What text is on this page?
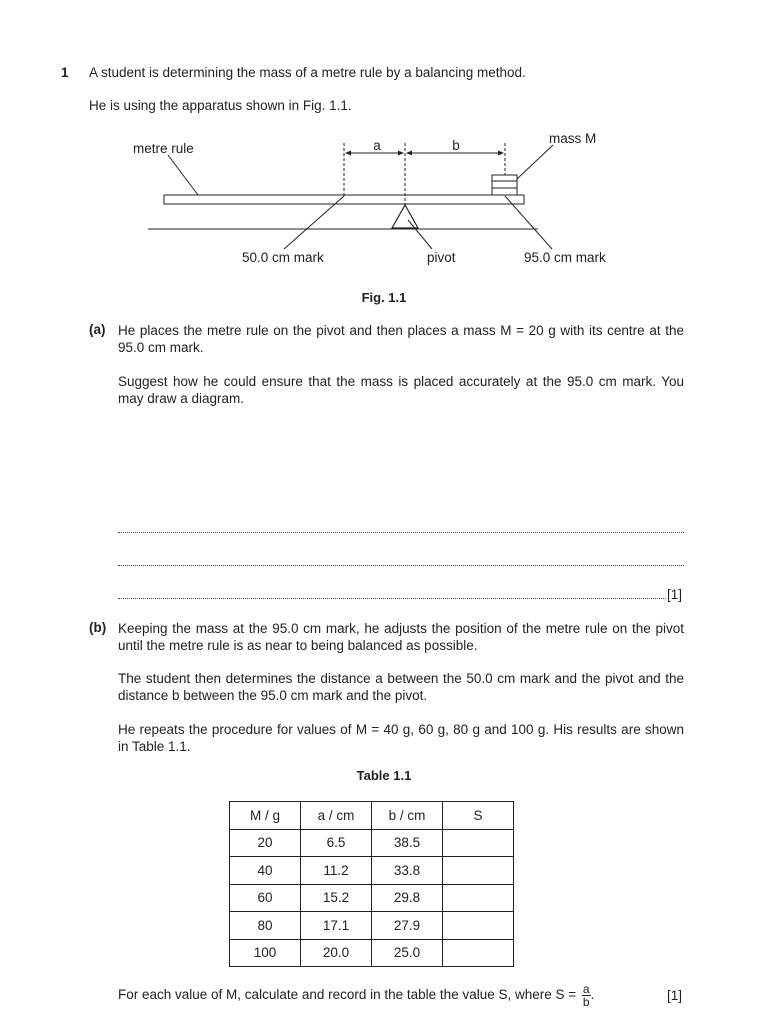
1 A student is determining the mass of a metre rule by a balancing method.
He is using the apparatus shown in Fig. 1.1.
metre rule	a	b	mass M
50.0 cm mark	pivot	95.0 cm mark
Fig. 1.1
(a) He places the metre rule on the pivot and then places a mass M = 20 g with its centre at the 95.0 cm mark.
Suggest how he could ensure that the mass is placed accurately at the 95.0 cm mark. You may draw a diagram.
[1]
(b) Keeping the mass at the 95.0 cm mark, he adjusts the position of the metre rule on the pivot until the metre rule is as near to being balanced as possible.
The student then determines the distance a between the 50.0 cm mark and the pivot and the distance b between the 95.0 cm mark and the pivot.
He repeats the procedure for values of M = 40 g, 60 g, 80 g and 100 g. His results are shown in Table 1.1.
Table 1.1
M / g	a / cm	b / cm	S
20	6.5	38.5	
40	11.2	33.8	
60	15.2	29.8	
80	17.1	27.9	
100	20.0	25.0	
For each value of M, calculate and record in the table the value S, where $S = \frac{a}{b}$ .	[1]
